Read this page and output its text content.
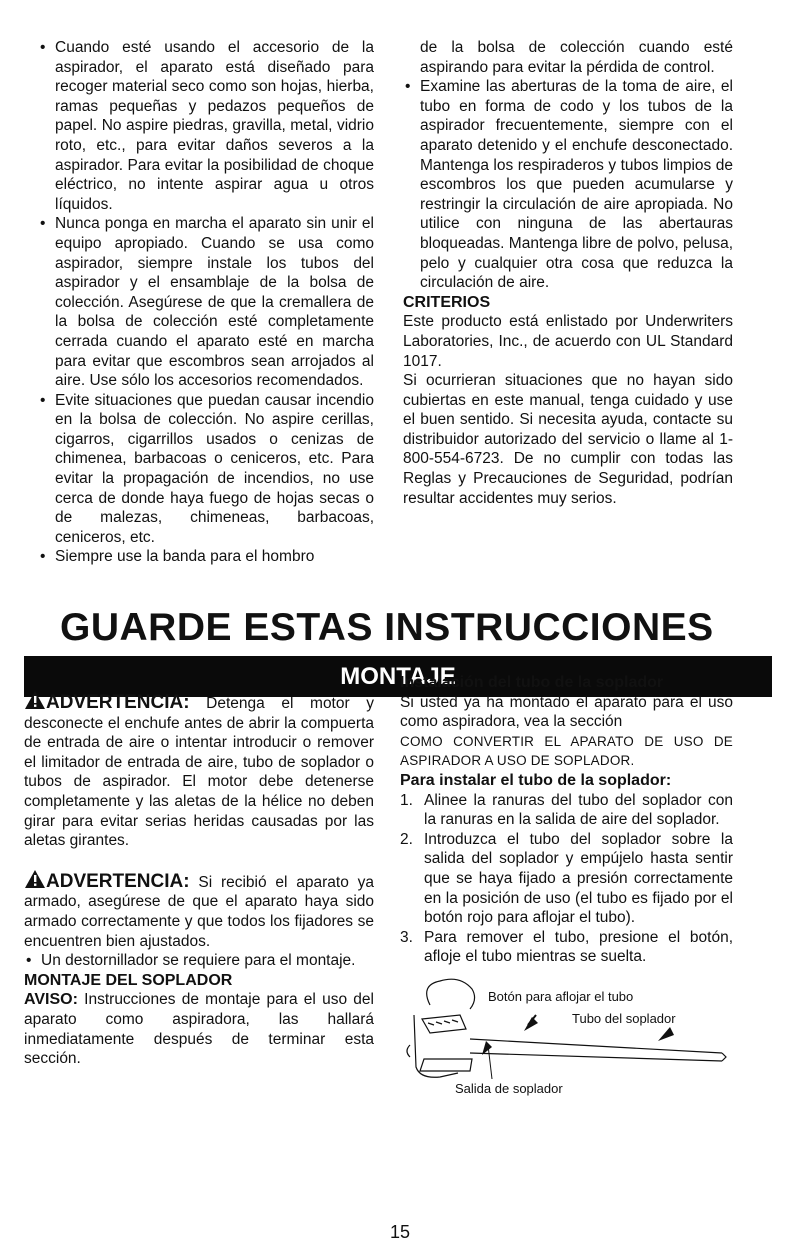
• Cuando esté usando el accesorio de la aspirador, el aparato está diseñado para recoger material seco como son hojas, hierba, ramas pequeñas y pedazos pequeños de papel. No aspire piedras, gravilla, metal, vidrio roto, etc., para evitar daños severos a la aspirador. Para evitar la posibilidad de choque eléctrico, no intente aspirar agua u otros líquidos.

• Nunca ponga en marcha el aparato sin unir el equipo apropiado. Cuando se usa como aspirador, siempre instale los tubos del aspirador y el ensamblaje de la bolsa de colección. Asegúrese de que la cremallera de la bolsa de colección esté completamente cerrada cuando el aparato esté en marcha para evitar que escombros sean arrojados al aire. Use sólo los accesorios recomendados.

• Evite situaciones que puedan causar incendio en la bolsa de colección. No aspire cerillas, cigarros, cigarrillos usados o cenizas de chimenea, barbacoas o ceniceros, etc. Para evitar la propagación de incendios, no use cerca de donde haya fuego de hojas secas o de malezas, chimeneas, barbacoas, ceniceros, etc.

• Siempre use la banda para el hombro

de la bolsa de colección cuando esté aspirando para evitar la pérdida de control.

• Examine las aberturas de la toma de aire, el tubo en forma de codo y los tubos de la aspirador frecuentemente, siempre con el aparato detenido y el enchufe desconectado. Mantenga los respiraderos y tubos limpios de escombros los que pueden acumularse y restringir la circulación de aire apropiada. No utilice con ninguna de las abertauras bloqueadas. Mantenga libre de polvo, pelusa, pelo y cualquier otra cosa que reduzca la circulación de aire.

CRITERIOS

Este producto está enlistado por Underwriters Laboratories, Inc., de acuerdo con UL Standard 1017.

Si ocurrieran situaciones que no hayan sido cubiertas en este manual, tenga cuidado y use el buen sentido. Si necesita ayuda, contacte su distribuidor autorizado del servicio o llame al 1-800-554-6723. De no cumplir con todas las Reglas y Precauciones de Seguridad, podrían resultar accidentes muy serios.

GUARDE ESTAS INSTRUCCIONES
MONTAJE

ADVERTENCIA: Detenga el motor y desconecte el enchufe antes de abrir la compuerta de entrada de aire o intentar introducir o remover el limitador de entrada de aire, tubo de soplador o tubos de aspirador. El motor debe detenerse completamente y las aletas de la hélice no deben girar para evitar serias heridas causadas por las aletas girantes.

ADVERTENCIA: Si recibió el aparato ya armado, asegúrese de que el aparato haya sido armado correctamente y que todos los fijadores se encuentren bien ajustados.

• Un destornillador se requiere para el montaje.

MONTAJE DEL SOPLADOR

AVISO: Instrucciones de montaje para el uso del aparato como aspiradora, las hallará inmediatamente después de terminar esta sección.

Instalación del tubo de la soplador

Si usted ya ha montado el aparato para el uso como aspiradora, vea la sección

COMO CONVERTIR EL APARATO DE USO DE ASPIRADOR A USO DE SOPLADOR.

Para instalar el tubo de la soplador:
1. Alinee la ranuras del tubo del soplador con la ranuras en la salida de aire del soplador.
2. Introduzca el tubo del soplador sobre la salida del soplador y empújelo hasta sentir que se haya fijado a presión correctamente en la posición de uso (el tubo es fijado por el botón rojo para aflojar el tubo).
3. Para remover el tubo, presione el botón, afloje el tubo mientras se suelta.
Botón para aflojar el tubo
Tubo del soplador
Salida de soplador
15
